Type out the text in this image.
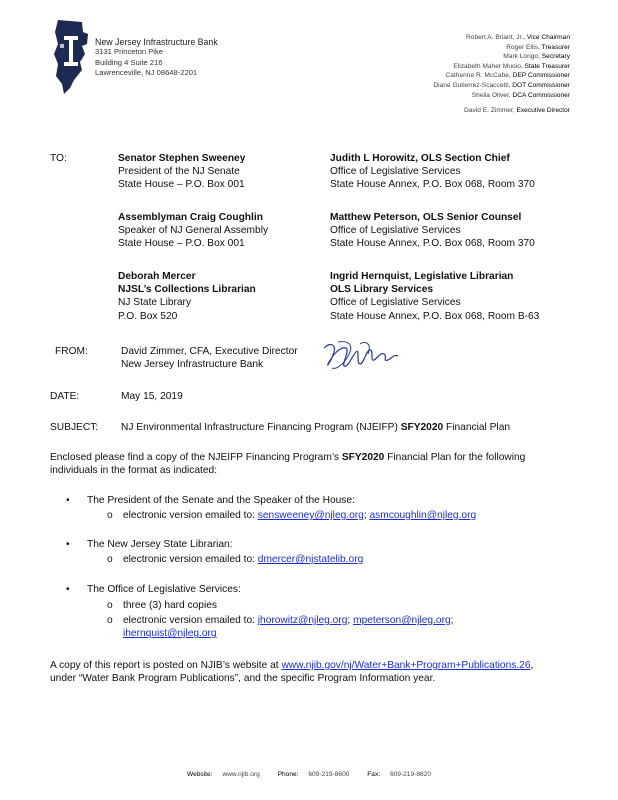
New Jersey Infrastructure Bank
3131 Princeton Pike
Building 4 Suite 216
Lawrenceville, NJ 08648-2201
Robert A. Briant, Jr., Vice Chairman
Roger Ellis, Treasurer
Mark Longo, Secretary
Elizabeth Maher Muoio, State Treasurer
Catherine R. McCabe, DEP Commissioner
Diane Gutierrez-Scaccetti, DOT Commissioner
Sheila Oliver, DCA Commissioner
David E. Zimmer, Executive Director
TO:	Senator Stephen Sweeney
President of the NJ Senate
State House – P.O. Box 001
Judith L Horowitz, OLS Section Chief
Office of Legislative Services
State House Annex, P.O. Box 068, Room 370
Assemblyman Craig Coughlin
Speaker of NJ General Assembly
State House – P.O. Box 001
Matthew Peterson, OLS Senior Counsel
Office of Legislative Services
State House Annex, P.O. Box 068, Room 370
Deborah Mercer
NJSL’s Collections Librarian
NJ State Library
P.O. Box 520
Ingrid Hernquist, Legislative Librarian
OLS Library Services
Office of Legislative Services
State House Annex, P.O. Box 068, Room B-63
FROM:	David Zimmer, CFA, Executive Director
New Jersey Infrastructure Bank
DATE:	May 15, 2019
SUBJECT: NJ Environmental Infrastructure Financing Program (NJEIFP) SFY2020 Financial Plan
Enclosed please find a copy of the NJEIFP Financing Program’s SFY2020 Financial Plan for the following
individuals in the format as indicated:
• The President of the Senate and the Speaker of the House:
o electronic version emailed to: sensweeney@njleg.org; asmcoughlin@njleg.org
• The New Jersey State Librarian:
o electronic version emailed to: dmercer@njstatelib.org
• The Office of Legislative Services:
o three (3) hard copies
o electronic version emailed to: jhorowitz@njleg.org; mpeterson@njleg.org;
ihernquist@njleg.org
A copy of this report is posted on NJIB’s website at www.njib.gov/nj/Water+Bank+Program+Publications.26,
under “Water Bank Program Publications”, and the specific Program Information year.
Website: www.njib.org	Phone: 609-219-8600	Fax: 609-219-8620
